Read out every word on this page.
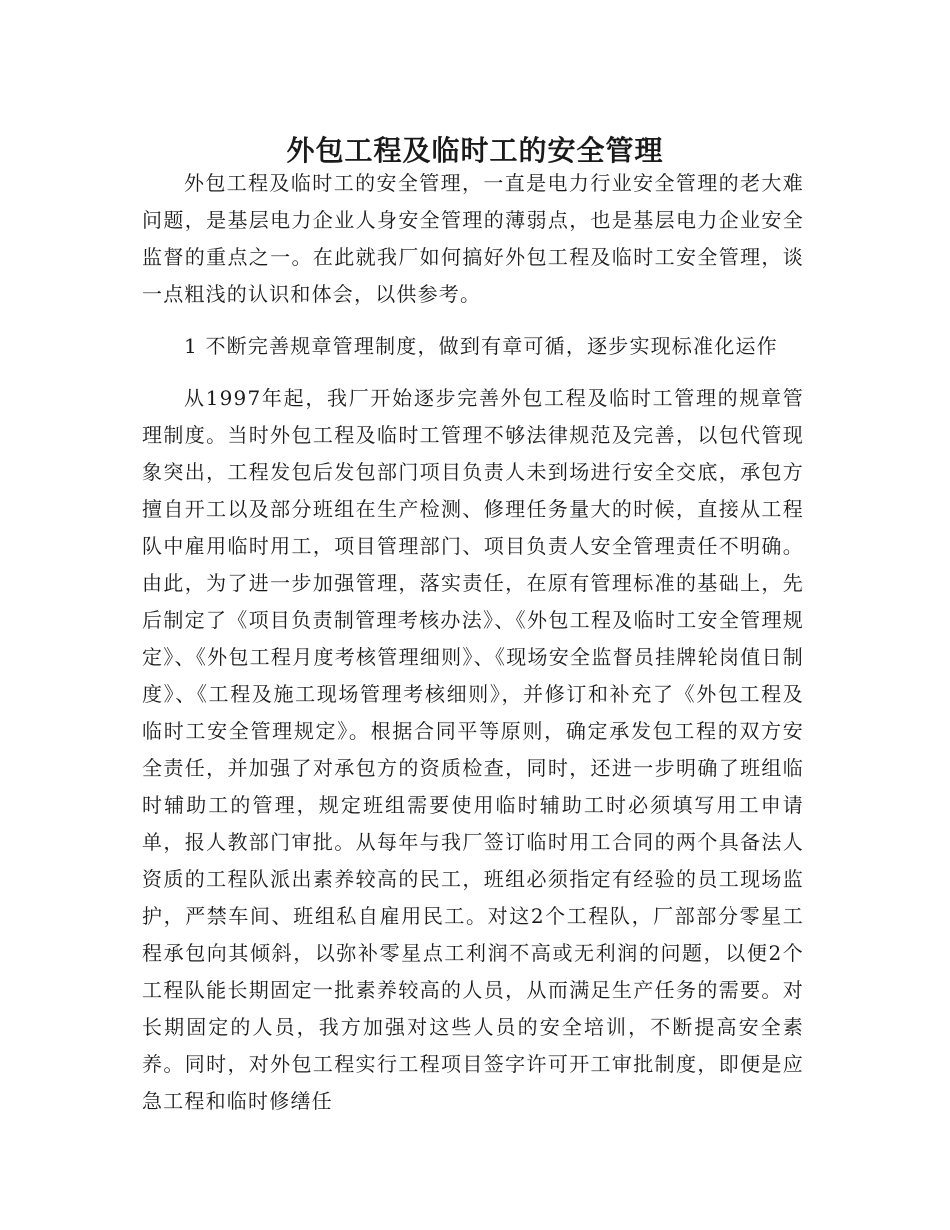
外包工程及临时工的安全管理

外包工程及临时工的安全管理，一直是电力行业安全管理的老大难问题，是基层电力企业人身安全管理的薄弱点，也是基层电力企业安全监督的重点之一。在此就我厂如何搞好外包工程及临时工安全管理，谈一点粗浅的认识和体会，以供参考。

1 不断完善规章管理制度，做到有章可循，逐步实现标准化运作

从1997年起，我厂开始逐步完善外包工程及临时工管理的规章管理制度。当时外包工程及临时工管理不够法律规范及完善，以包代管现象突出，工程发包后发包部门项目负责人未到场进行安全交底，承包方擅自开工以及部分班组在生产检测、修理任务量大的时候，直接从工程队中雇用临时用工，项目管理部门、项目负责人安全管理责任不明确。由此，为了进一步加强管理，落实责任，在原有管理标准的基础上，先后制定了《项目负责制管理考核办法》、《外包工程及临时工安全管理规定》、《外包工程月度考核管理细则》、《现场安全监督员挂牌轮岗值日制度》、《工程及施工现场管理考核细则》，并修订和补充了《外包工程及临时工安全管理规定》。根据合同平等原则，确定承发包工程的双方安全责任，并加强了对承包方的资质检查，同时，还进一步明确了班组临时辅助工的管理，规定班组需要使用临时辅助工时必须填写用工申请单，报人教部门审批。从每年与我厂签订临时用工合同的两个具备法人资质的工程队派出素养较高的民工，班组必须指定有经验的员工现场监护，严禁车间、班组私自雇用民工。对这2个工程队，厂部部分零星工程承包向其倾斜，以弥补零星点工利润不高或无利润的问题，以便2个工程队能长期固定一批素养较高的人员，从而满足生产任务的需要。对长期固定的人员，我方加强对这些人员的安全培训，不断提高安全素养。同时，对外包工程实行工程项目签字许可开工审批制度，即便是应急工程和临时修缮任
